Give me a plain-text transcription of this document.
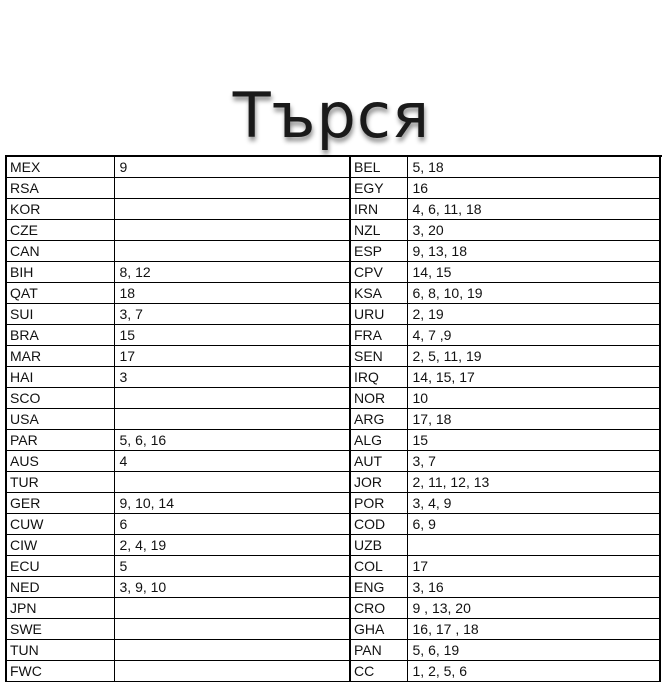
Търся
MEX	9	BEL	5, 18
RSA		EGY	16
KOR		IRN	4, 6, 11, 18
CZE		NZL	3, 20
CAN		ESP	9, 13, 18
BIH	8, 12	CPV	14, 15
QAT	18	KSA	6, 8, 10, 19
SUI	3, 7	URU	2, 19
BRA	15	FRA	4, 7 ,9
MAR	17	SEN	2, 5, 11, 19
HAI	3	IRQ	14, 15, 17
SCO		NOR	10
USA		ARG	17, 18
PAR	5, 6, 16	ALG	15
AUS	4	AUT	3, 7
TUR		JOR	2, 11, 12, 13
GER	9, 10, 14	POR	3, 4, 9
CUW	6	COD	6, 9
CIW	2, 4, 19	UZB	
ECU	5	COL	17
NED	3, 9, 10	ENG	3, 16
JPN		CRO	9 , 13, 20
SWE		GHA	16, 17 , 18
TUN		PAN	5, 6, 19
FWC		CC	1, 2, 5, 6
